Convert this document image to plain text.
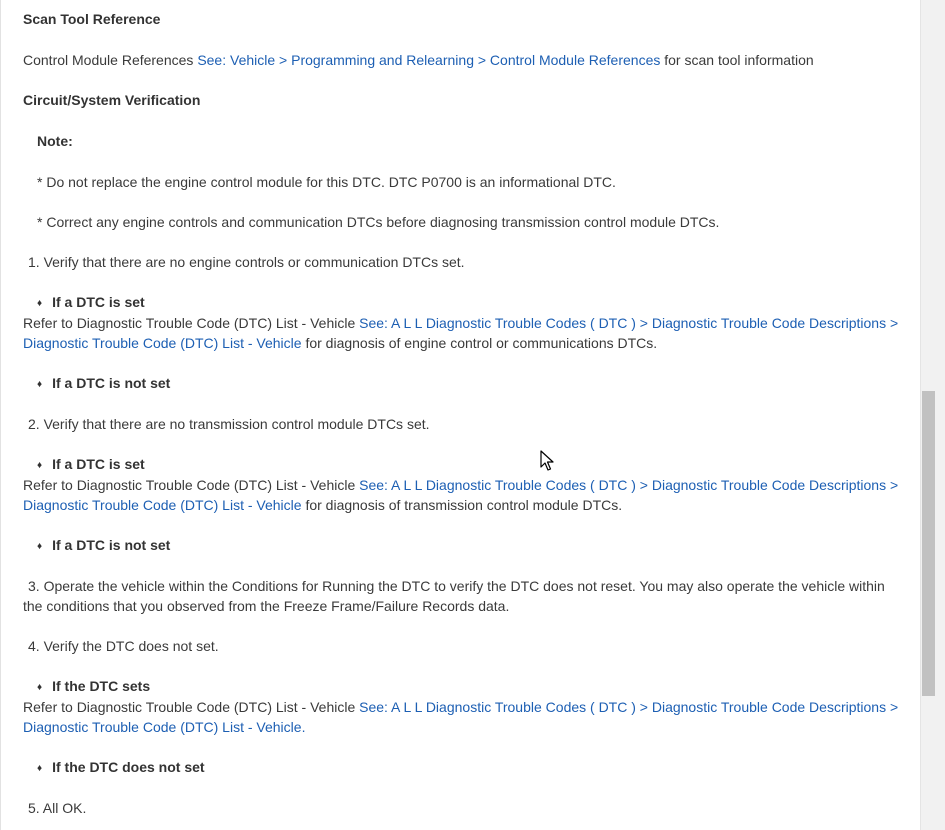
Scan Tool Reference
Control Module References See: Vehicle > Programming and Relearning > Control Module References for scan tool information
Circuit/System Verification
Note:
* Do not replace the engine control module for this DTC. DTC P0700 is an informational DTC.
* Correct any engine controls and communication DTCs before diagnosing transmission control module DTCs.
1. Verify that there are no engine controls or communication DTCs set.
♦ If a DTC is set
Refer to Diagnostic Trouble Code (DTC) List - Vehicle See: A L L Diagnostic Trouble Codes ( DTC ) > Diagnostic Trouble Code Descriptions >
Diagnostic Trouble Code (DTC) List - Vehicle for diagnosis of engine control or communications DTCs.
♦ If a DTC is not set
2. Verify that there are no transmission control module DTCs set.
♦ If a DTC is set
Refer to Diagnostic Trouble Code (DTC) List - Vehicle See: A L L Diagnostic Trouble Codes ( DTC ) > Diagnostic Trouble Code Descriptions >
Diagnostic Trouble Code (DTC) List - Vehicle for diagnosis of transmission control module DTCs.
♦ If a DTC is not set
3. Operate the vehicle within the Conditions for Running the DTC to verify the DTC does not reset. You may also operate the vehicle within
the conditions that you observed from the Freeze Frame/Failure Records data.
4. Verify the DTC does not set.
♦ If the DTC sets
Refer to Diagnostic Trouble Code (DTC) List - Vehicle See: A L L Diagnostic Trouble Codes ( DTC ) > Diagnostic Trouble Code Descriptions >
Diagnostic Trouble Code (DTC) List - Vehicle.
♦ If the DTC does not set
5. All OK.
